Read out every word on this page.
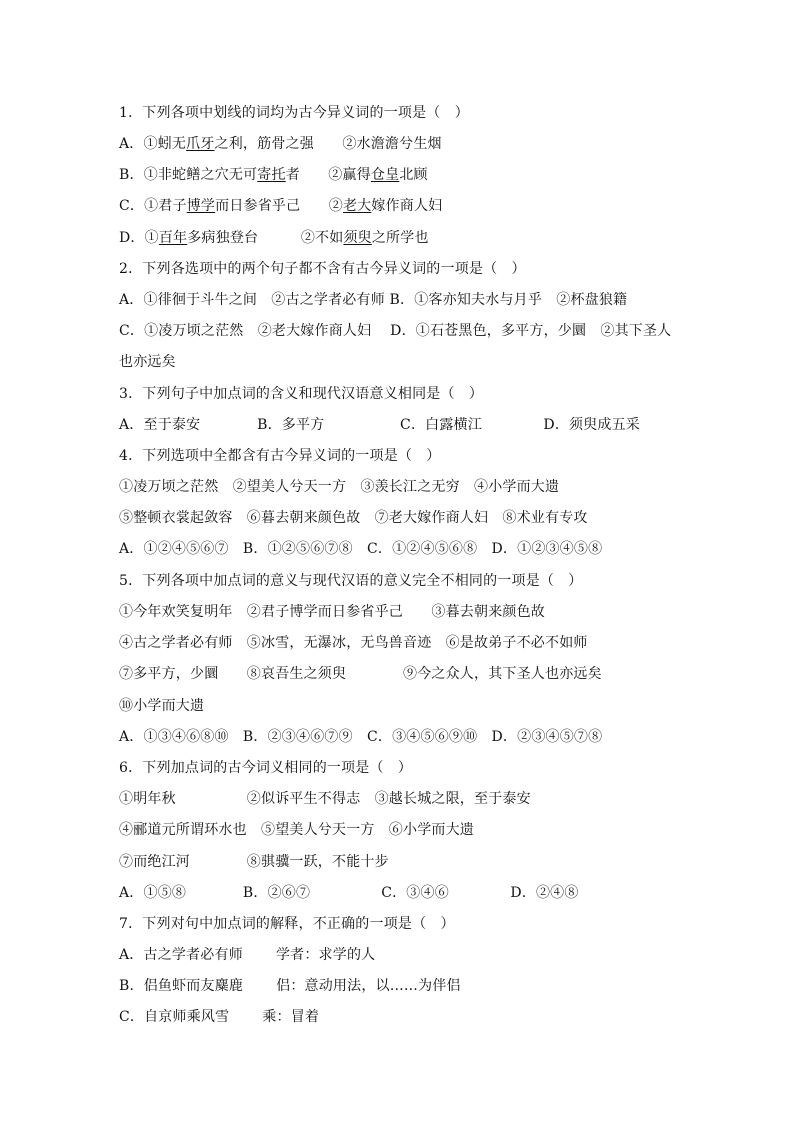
1．下列各项中划线的词均为古今异义词的一项是（　）
A．①蚓无爪牙之利，筋骨之强　　②水澹澹兮生烟
B．①非蛇鳝之穴无可寄托者　　②赢得仓皇北顾
C．①君子博学而日参省乎己　　②老大嫁作商人妇
D．①百年多病独登台　　　②不如须臾之所学也
2．下列各选项中的两个句子都不含有古今异义词的一项是（　）
A．①徘徊于斗牛之间　②古之学者必有师 B．①客亦知夫水与月乎　②杯盘狼籍
C．①凌万顷之茫然　②老大嫁作商人妇　 D．①石苍黑色，多平方，少圜　②其下圣人
也亦远矣
3．下列句子中加点词的含义和现代汉语意义相同是（　）
A．至于泰安　　　　B．多平方　　　　　 C．白露横江　　　　 D．须臾成五采
4．下列选项中全都含有古今异义词的一项是（　）
①凌万顷之茫然　②望美人兮天一方　③羡长江之无穷　④小学而大遗
⑤整顿衣裳起敛容　⑥暮去朝来颜色故　⑦老大嫁作商人妇　⑧术业有专攻
A．①②④⑤⑥⑦　B．①②⑤⑥⑦⑧　C．①②④⑤⑥⑧　D．①②③④⑤⑧
5．下列各项中加点词的意义与现代汉语的意义完全不相同的一项是（　）
①今年欢笑复明年　②君子博学而日参省乎己　　③暮去朝来颜色故
④古之学者必有师　⑤冰雪，无瀑冰，无鸟兽音迹　⑥是故弟子不必不如师
⑦多平方，少圜　　⑧哀吾生之须臾　　　　⑨今之众人，其下圣人也亦远矣
⑩小学而大遗
A．①③④⑥⑧⑩　B．②③④⑥⑦⑨　C．③④⑤⑥⑨⑩　D．②③④⑤⑦⑧
6．下列加点词的古今词义相同的一项是（　）
①明年秋　　　　　②似诉平生不得志　③越长城之限，至于泰安
④郦道元所谓环水也　⑤望美人兮天一方　⑥小学而大遗
⑦而绝江河　　　　⑧骐骥一跃，不能十步
A．①⑤⑧　　　　B．②⑥⑦　　　　　C．③④⑥　　　　 D．②④⑧
7．下列对句中加点词的解释，不正确的一项是（　）
A．古之学者必有师　　 学者：求学的人
B．侣鱼虾而友麋鹿　　 侣：意动用法，以……为伴侣
C．自京师乘风雪　　 乘：冒着
